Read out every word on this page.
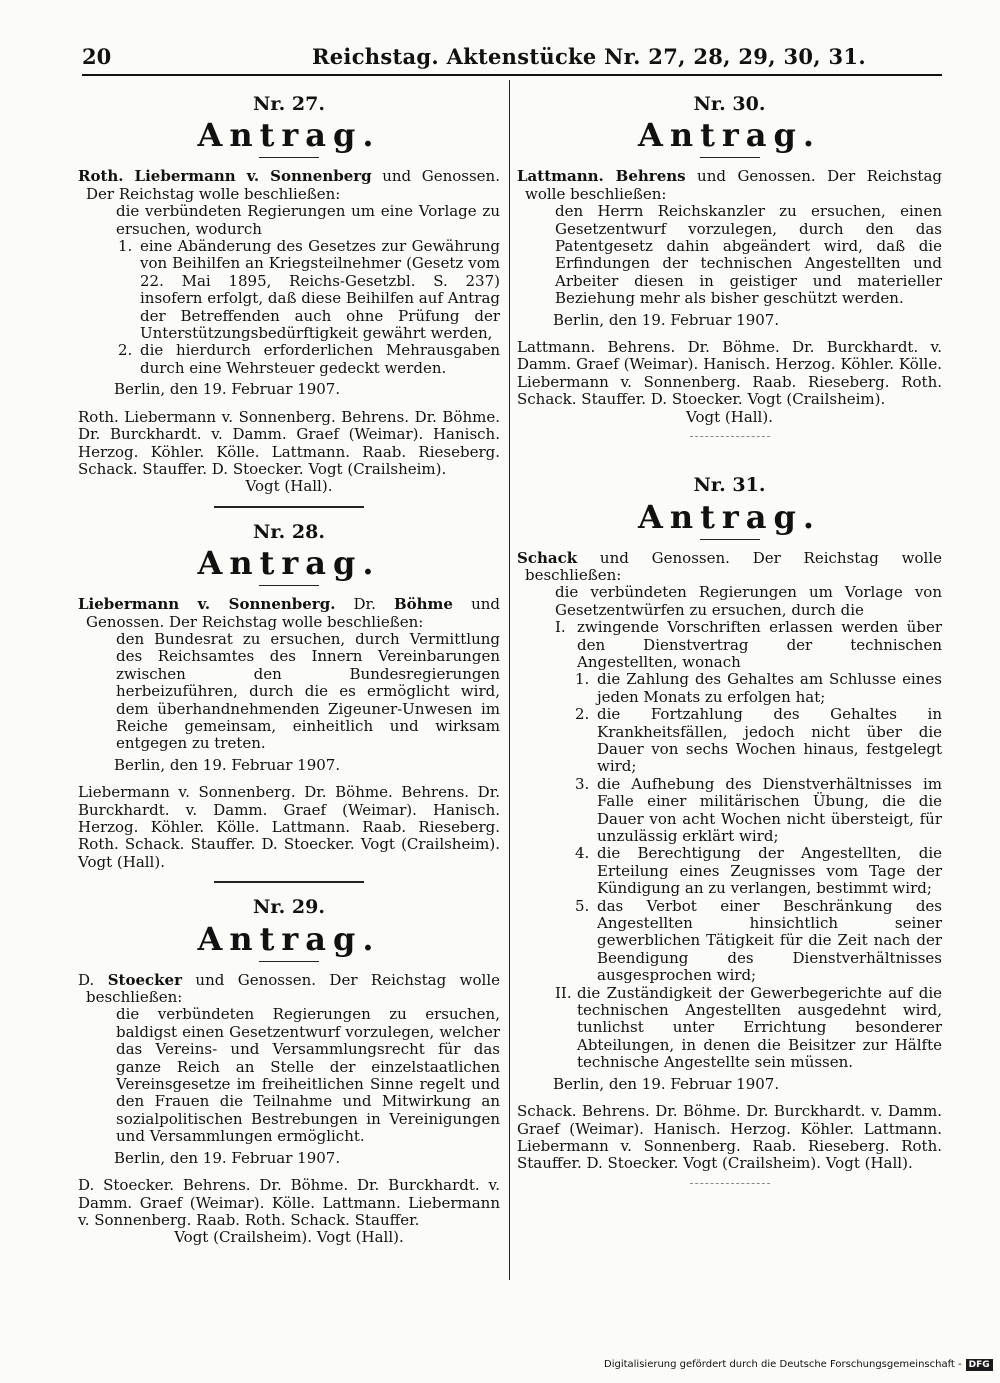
20	Reichstag. Aktenstücke Nr. 27, 28, 29, 30, 31.
Nr. 27.
Antrag.

Roth. Liebermann v. Sonnenberg und Genossen. Der Reichstag wolle beschließen:

die verbündeten Regierungen um eine Vorlage zu ersuchen, wodurch

1. eine Abänderung des Gesetzes zur Gewährung von Beihilfen an Kriegsteilnehmer (Gesetz vom 22. Mai 1895, Reichs-Gesetzbl. S. 237) insofern erfolgt, daß diese Beihilfen auf Antrag der Betreffenden auch ohne Prüfung der Unterstützungsbedürftigkeit gewährt werden,
2. die hierdurch erforderlichen Mehrausgaben durch eine Wehrsteuer gedeckt werden.

Berlin, den 19. Februar 1907.

Roth. Liebermann v. Sonnenberg. Behrens. Dr. Böhme. Dr. Burckhardt. v. Damm. Graef (Weimar). Hanisch. Herzog. Köhler. Kölle. Lattmann. Raab. Rieseberg. Schack. Stauffer. D. Stoecker. Vogt (Crailsheim).

Vogt (Hall).

Nr. 28.
Antrag.

Liebermann v. Sonnenberg. Dr. Böhme und Genossen. Der Reichstag wolle beschließen:

den Bundesrat zu ersuchen, durch Vermittlung des Reichsamtes des Innern Vereinbarungen zwischen den Bundesregierungen herbeizuführen, durch die es ermöglicht wird, dem überhandnehmenden Zigeuner-Unwesen im Reiche gemeinsam, einheitlich und wirksam entgegen zu treten.

Berlin, den 19. Februar 1907.

Liebermann v. Sonnenberg. Dr. Böhme. Behrens. Dr. Burckhardt. v. Damm. Graef (Weimar). Hanisch. Herzog. Köhler. Kölle. Lattmann. Raab. Rieseberg. Roth. Schack. Stauffer. D. Stoecker. Vogt (Crailsheim). Vogt (Hall).

Nr. 29.
Antrag.

D. Stoecker und Genossen. Der Reichstag wolle beschließen:

die verbündeten Regierungen zu ersuchen, baldigst einen Gesetzentwurf vorzulegen, welcher das Vereins- und Versammlungsrecht für das ganze Reich an Stelle der einzelstaatlichen Vereinsgesetze im freiheitlichen Sinne regelt und den Frauen die Teilnahme und Mitwirkung an sozialpolitischen Bestrebungen in Vereinigungen und Versammlungen ermöglicht.

Berlin, den 19. Februar 1907.

D. Stoecker. Behrens. Dr. Böhme. Dr. Burckhardt. v. Damm. Graef (Weimar). Kölle. Lattmann. Liebermann v. Sonnenberg. Raab. Roth. Schack. Stauffer.

Vogt (Crailsheim). Vogt (Hall).

Nr. 30.
Antrag.

Lattmann. Behrens und Genossen. Der Reichstag wolle beschließen:

den Herrn Reichskanzler zu ersuchen, einen Gesetzentwurf vorzulegen, durch den das Patentgesetz dahin abgeändert wird, daß die Erfindungen der technischen Angestellten und Arbeiter diesen in geistiger und materieller Beziehung mehr als bisher geschützt werden.

Berlin, den 19. Februar 1907.

Lattmann. Behrens. Dr. Böhme. Dr. Burckhardt. v. Damm. Graef (Weimar). Hanisch. Herzog. Köhler. Kölle. Liebermann v. Sonnenberg. Raab. Rieseberg. Roth. Schack. Stauffer. D. Stoecker. Vogt (Crailsheim).

Vogt (Hall).

Nr. 31.
Antrag.

Schack und Genossen. Der Reichstag wolle beschließen:

die verbündeten Regierungen um Vorlage von Gesetzentwürfen zu ersuchen, durch die

I. zwingende Vorschriften erlassen werden über den Dienstvertrag der technischen Angestellten, wonach
1. die Zahlung des Gehaltes am Schlusse eines jeden Monats zu erfolgen hat;
2. die Fortzahlung des Gehaltes in Krankheitsfällen, jedoch nicht über die Dauer von sechs Wochen hinaus, festgelegt wird;
3. die Aufhebung des Dienstverhältnisses im Falle einer militärischen Übung, die die Dauer von acht Wochen nicht übersteigt, für unzulässig erklärt wird;
4. die Berechtigung der Angestellten, die Erteilung eines Zeugnisses vom Tage der Kündigung an zu verlangen, bestimmt wird;
5. das Verbot einer Beschränkung des Angestellten hinsichtlich seiner gewerblichen Tätigkeit für die Zeit nach der Beendigung des Dienstverhältnisses ausgesprochen wird;
II. die Zuständigkeit der Gewerbegerichte auf die technischen Angestellten ausgedehnt wird, tunlichst unter Errichtung besonderer Abteilungen, in denen die Beisitzer zur Hälfte technische Angestellte sein müssen.

Berlin, den 19. Februar 1907.

Schack. Behrens. Dr. Böhme. Dr. Burckhardt. v. Damm. Graef (Weimar). Hanisch. Herzog. Köhler. Lattmann. Liebermann v. Sonnenberg. Raab. Rieseberg. Roth. Stauffer. D. Stoecker. Vogt (Crailsheim). Vogt (Hall).

Digitalisierung gefördert durch die Deutsche Forschungsgemeinschaft - DFG
